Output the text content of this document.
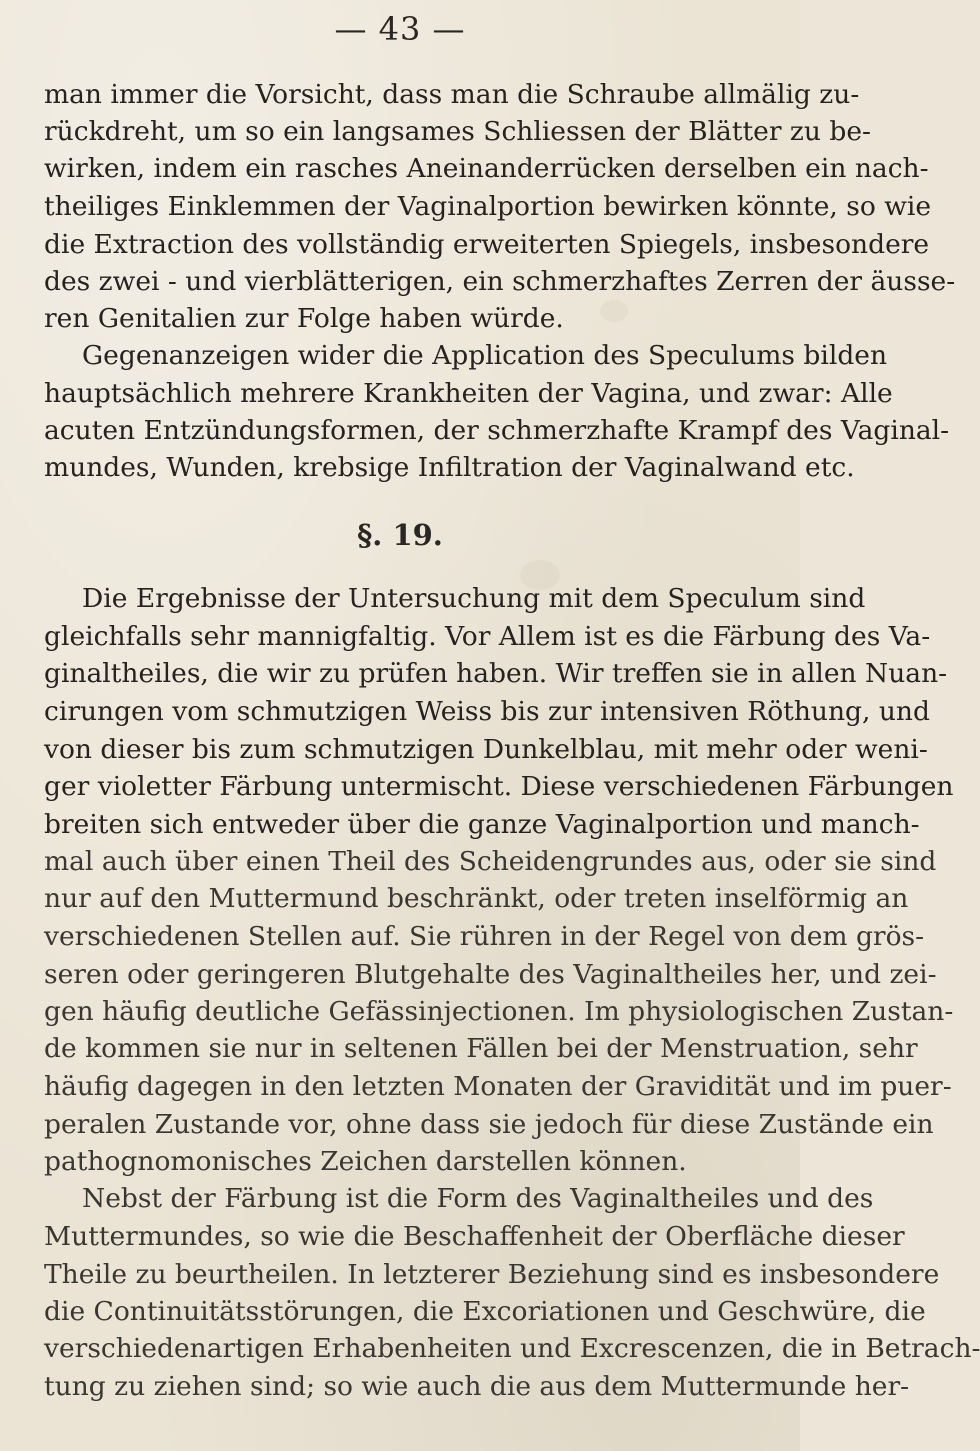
— 43 —
man immer die Vorsicht, dass man die Schraube allmälig zu-
rückdreht, um so ein langsames Schliessen der Blätter zu be-
wirken, indem ein rasches Aneinanderrücken derselben ein nach-
theiliges Einklemmen der Vaginalportion bewirken könnte, so wie
die Extraction des vollständig erweiterten Spiegels, insbesondere
des zwei - und vierblätterigen, ein schmerzhaftes Zerren der äusse-
ren Genitalien zur Folge haben würde.
Gegenanzeigen wider die Application des Speculums bilden
hauptsächlich mehrere Krankheiten der Vagina, und zwar: Alle
acuten Entzündungsformen, der schmerzhafte Krampf des Vaginal-
mundes, Wunden, krebsige Infiltration der Vaginalwand etc.
§. 19.
Die Ergebnisse der Untersuchung mit dem Speculum sind
gleichfalls sehr mannigfaltig. Vor Allem ist es die Färbung des Va-
ginaltheiles, die wir zu prüfen haben. Wir treffen sie in allen Nuan-
cirungen vom schmutzigen Weiss bis zur intensiven Röthung, und
von dieser bis zum schmutzigen Dunkelblau, mit mehr oder weni-
ger violetter Färbung untermischt. Diese verschiedenen Färbungen
breiten sich entweder über die ganze Vaginalportion und manch-
mal auch über einen Theil des Scheidengrundes aus, oder sie sind
nur auf den Muttermund beschränkt, oder treten inselförmig an
verschiedenen Stellen auf. Sie rühren in der Regel von dem grös-
seren oder geringeren Blutgehalte des Vaginaltheiles her, und zei-
gen häufig deutliche Gefässinjectionen. Im physiologischen Zustan-
de kommen sie nur in seltenen Fällen bei der Menstruation, sehr
häufig dagegen in den letzten Monaten der Gravidität und im puer-
peralen Zustande vor, ohne dass sie jedoch für diese Zustände ein
pathognomonisches Zeichen darstellen können.
Nebst der Färbung ist die Form des Vaginaltheiles und des
Muttermundes, so wie die Beschaffenheit der Oberfläche dieser
Theile zu beurtheilen. In letzterer Beziehung sind es insbesondere
die Continuitätsstörungen, die Excoriationen und Geschwüre, die
verschiedenartigen Erhabenheiten und Excrescenzen, die in Betrach-
tung zu ziehen sind; so wie auch die aus dem Muttermunde her-
